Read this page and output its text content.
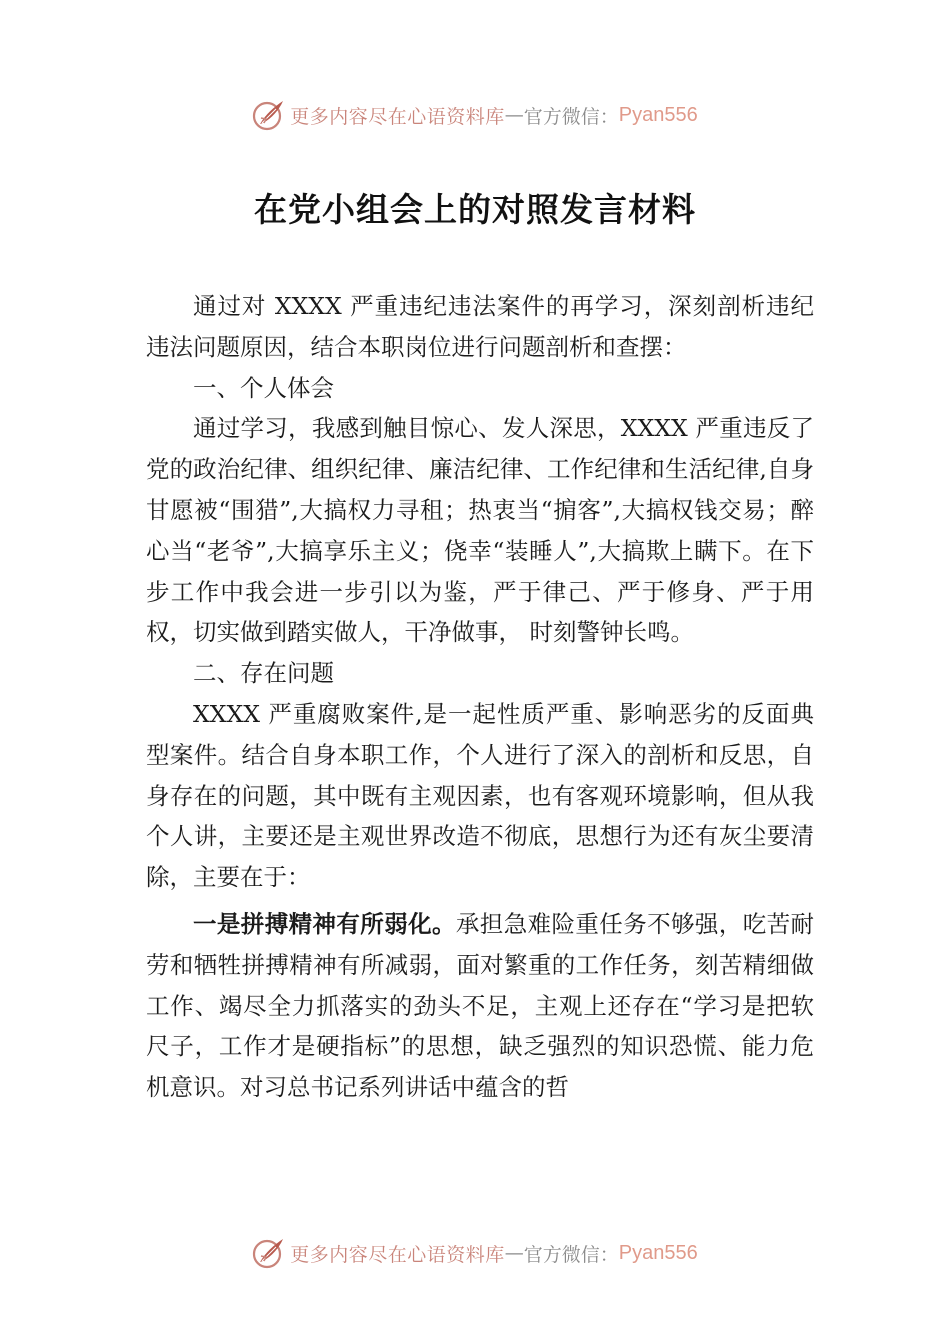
更多内容尽在心语资料库 — 官方微信： Pyan556
在党小组会上的对照发言材料

通过对 XXXX 严重违纪违法案件的再学习，深刻剖析违纪违法问题原因，结合本职岗位进行问题剖析和查摆：

一、个人体会

通过学习，我感到触目惊心、发人深思，XXXX 严重违反了党的政治纪律、组织纪律、廉洁纪律、工作纪律和生活纪律,自身甘愿被“围猎”,大搞权力寻租；热衷当“掮客”,大搞权钱交易；醉心当“老爷”,大搞享乐主义；侥幸“装睡人”,大搞欺上瞒下。在下步工作中我会进一步引以为鉴，严于律己、严于修身、严于用权，切实做到踏实做人，干净做事， 时刻警钟长鸣。

二、存在问题

XXXX 严重腐败案件,是一起性质严重、影响恶劣的反面典型案件。结合自身本职工作，个人进行了深入的剖析和反思，自身存在的问题，其中既有主观因素，也有客观环境影响，但从我个人讲，主要还是主观世界改造不彻底，思想行为还有灰尘要清除，主要在于：

一是拼搏精神有所弱化。承担急难险重任务不够强，吃苦耐劳和牺牲拼搏精神有所减弱，面对繁重的工作任务，刻苦精细做工作、竭尽全力抓落实的劲头不足，主观上还存在“学习是把软尺子，工作才是硬指标”的思想，缺乏强烈的知识恐慌、能力危机意识。对习总书记系列讲话中蕴含的哲

更多内容尽在心语资料库 — 官方微信： Pyan556
